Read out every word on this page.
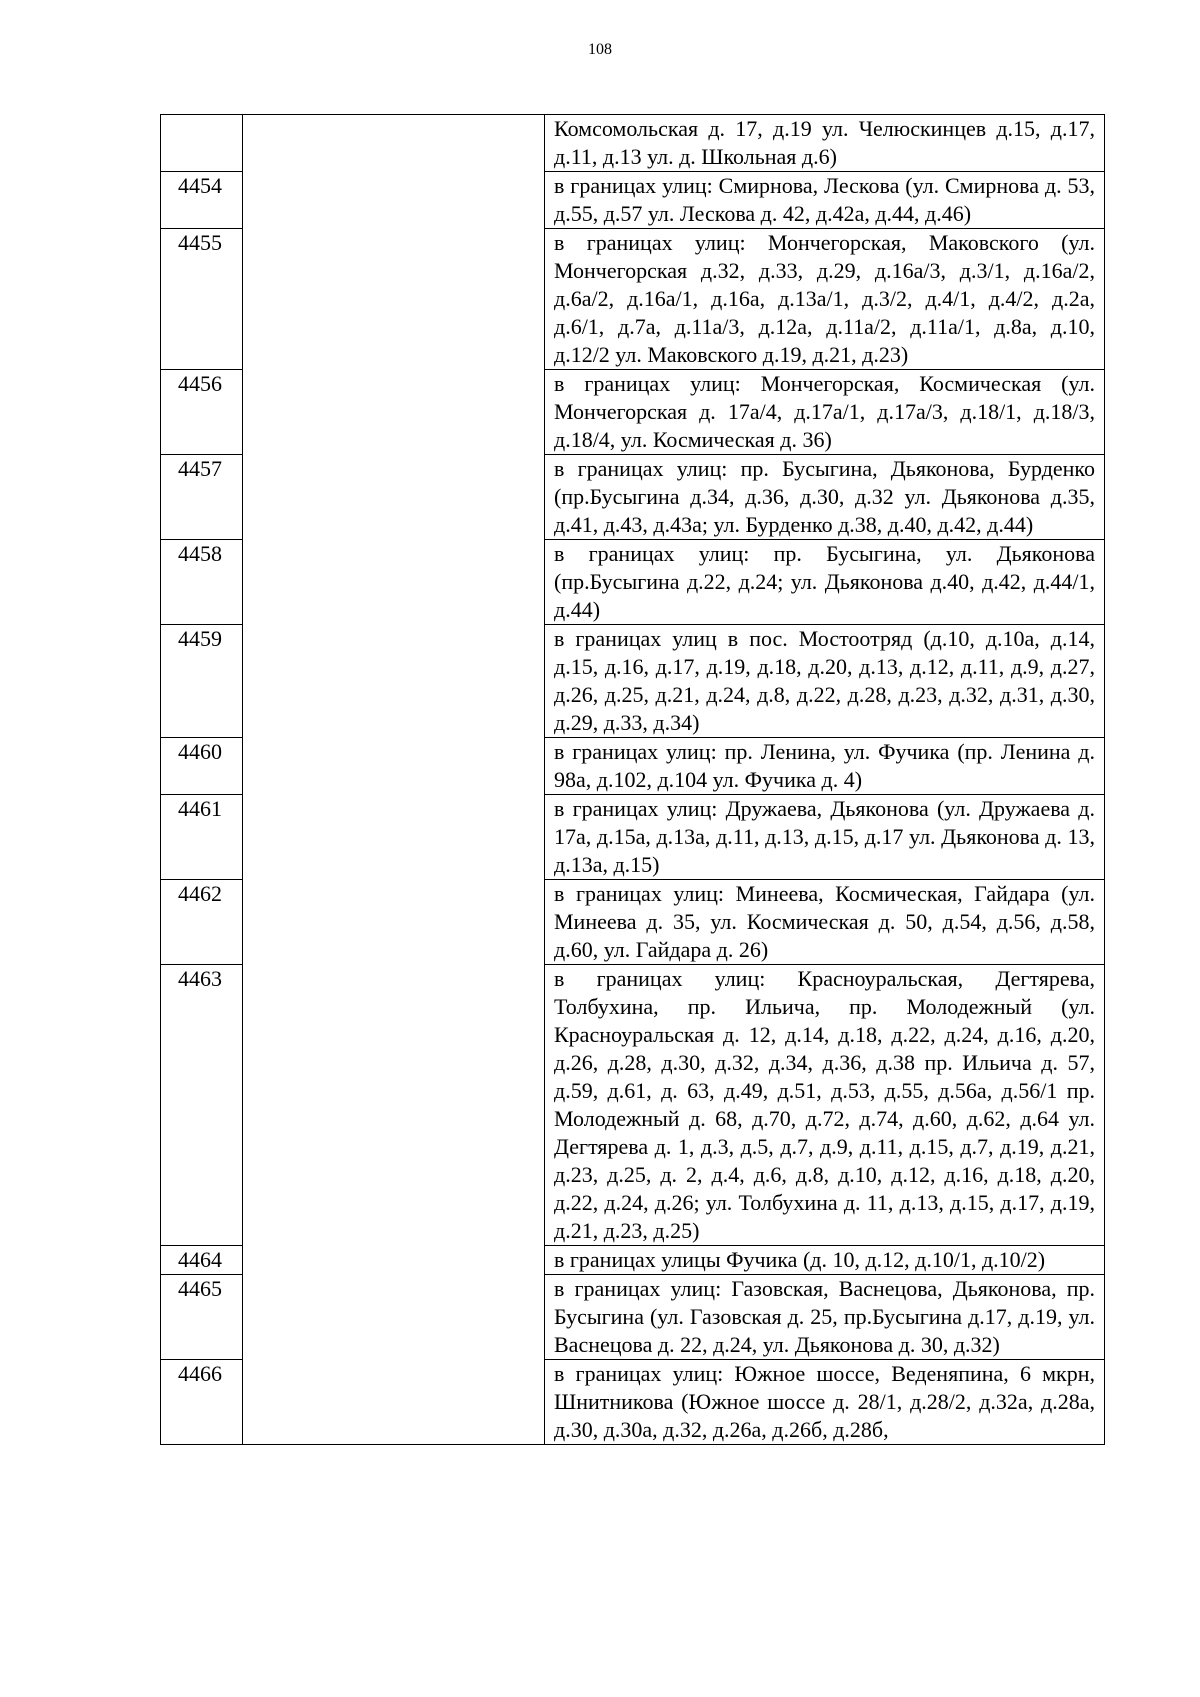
108
		Комсомольская д. 17, д.19 ул. Челюскинцев д.15, д.17, д.11, д.13 ул. д. Школьная д.6)
4454		в границах улиц: Смирнова, Лескова (ул. Смирнова д. 53, д.55, д.57 ул. Лескова д. 42, д.42а, д.44, д.46)
4455		в границах улиц: Мончегорская, Маковского (ул. Мончегорская д.32, д.33, д.29, д.16а/3, д.3/1, д.16а/2, д.6а/2, д.16а/1, д.16а, д.13а/1, д.3/2, д.4/1, д.4/2, д.2а, д.6/1, д.7а, д.11а/3, д.12а, д.11а/2, д.11а/1, д.8а, д.10, д.12/2 ул. Маковского д.19, д.21, д.23)
4456		в границах улиц: Мончегорская, Космическая (ул. Мончегорская д. 17а/4, д.17а/1, д.17а/3, д.18/1, д.18/3, д.18/4, ул. Космическая д. 36)
4457		в границах улиц: пр. Бусыгина, Дьяконова, Бурденко (пр.Бусыгина д.34, д.36, д.30, д.32 ул. Дьяконова д.35, д.41, д.43, д.43а; ул. Бурденко д.38, д.40, д.42, д.44)
4458		в границах улиц: пр. Бусыгина, ул. Дьяконова (пр.Бусыгина д.22, д.24; ул. Дьяконова д.40, д.42, д.44/1, д.44)
4459		в границах улиц в пос. Мостоотряд (д.10, д.10а, д.14, д.15, д.16, д.17, д.19, д.18, д.20, д.13, д.12, д.11, д.9, д.27, д.26, д.25, д.21, д.24, д.8, д.22, д.28, д.23, д.32, д.31, д.30, д.29, д.33, д.34)
4460		в границах улиц: пр. Ленина, ул. Фучика (пр. Ленина д. 98а, д.102, д.104 ул. Фучика д. 4)
4461		в границах улиц: Дружаева, Дьяконова (ул. Дружаева д. 17а, д.15а, д.13а, д.11, д.13, д.15, д.17 ул. Дьяконова д. 13, д.13а, д.15)
4462		в границах улиц: Минеева, Космическая, Гайдара (ул. Минеева д. 35, ул. Космическая д. 50, д.54, д.56, д.58, д.60, ул. Гайдара д. 26)
4463		в границах улиц: Красноуральская, Дегтярева, Толбухина, пр. Ильича, пр. Молодежный (ул. Красноуральская д. 12, д.14, д.18, д.22, д.24, д.16, д.20, д.26, д.28, д.30, д.32, д.34, д.36, д.38 пр. Ильича д. 57, д.59, д.61, д. 63, д.49, д.51, д.53, д.55, д.56а, д.56/1 пр. Молодежный д. 68, д.70, д.72, д.74, д.60, д.62, д.64 ул. Дегтярева д. 1, д.3, д.5, д.7, д.9, д.11, д.15, д.7, д.19, д.21, д.23, д.25, д. 2, д.4, д.6, д.8, д.10, д.12, д.16, д.18, д.20, д.22, д.24, д.26; ул. Толбухина д. 11, д.13, д.15, д.17, д.19, д.21, д.23, д.25)
4464		в границах улицы Фучика (д. 10, д.12, д.10/1, д.10/2)
4465		в границах улиц: Газовская, Васнецова, Дьяконова, пр. Бусыгина (ул. Газовская д. 25, пр.Бусыгина д.17, д.19, ул. Васнецова д. 22, д.24, ул. Дьяконова д. 30, д.32)
4466		в границах улиц: Южное шоссе, Веденяпина, 6 мкрн, Шнитникова (Южное шоссе д. 28/1, д.28/2, д.32а, д.28а, д.30, д.30а, д.32, д.26а, д.26б, д.28б,
